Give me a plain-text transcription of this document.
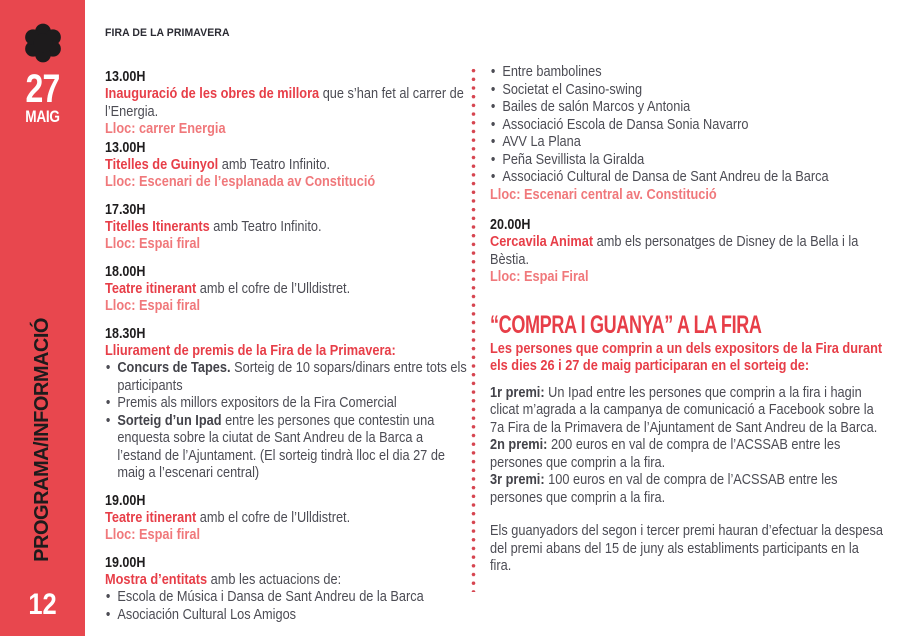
27
MAIG
PROGRAMA/INFORMACIÓ
12
FIRA DE LA PRIMAVERA
13.00H

Inauguració de les obres de millora que s’han fet al carrer de l’Energia.

Lloc: carrer Energia
13.00H

Titelles de Guinyol amb Teatro Infinito.

Lloc: Escenari de l’esplanada av Constitució
17.30H

Titelles Itinerants amb Teatro Infinito.

Lloc: Espai firal
18.00H

Teatre itinerant amb el cofre de l’Ulldistret.

Lloc: Espai firal
18.30H

Lliurament de premis de la Fira de la Primavera:

• Concurs de Tapes. Sorteig de 10 sopars/dinars entre tots els participants
• Premis als millors expositors de la Fira Comercial
• Sorteig d’un Ipad entre les persones que contestin una enquesta sobre la ciutat de Sant Andreu de la Barca a l’estand de l’Ajuntament. (El sorteig tindrà lloc el dia 27 de maig a l’escenari central)
19.00H

Teatre itinerant amb el cofre de l’Ulldistret.

Lloc: Espai firal
19.00H

Mostra d’entitats amb les actuacions de:

• Escola de Música i Dansa de Sant Andreu de la Barca
• Asociación Cultural Los Amigos
• Entre bambolines
• Societat el Casino-swing
• Bailes de salón Marcos y Antonia
• Associació Escola de Dansa Sonia Navarro
• AVV La Plana
• Peña Sevillista la Giralda
• Associació Cultural de Dansa de Sant Andreu de la Barca
Lloc: Escenari central av. Constitució
20.00H

Cercavila Animat amb els personatges de Disney de la Bella i la Bèstia.

Lloc: Espai Firal
“COMPRA I GUANYA” A LA FIRA

Les persones que comprin a un dels expositors de la Fira durant els dies 26 i 27 de maig participaran en el sorteig de:

1r premi: Un Ipad entre les persones que comprin a la fira i hagin clicat m’agrada a la campanya de comunicació a Facebook sobre la 7a Fira de la Primavera de l’Ajuntament de Sant Andreu de la Barca.

2n premi: 200 euros en val de compra de l’ACSSAB entre les persones que comprin a la fira.

3r premi: 100 euros en val de compra de l’ACSSAB entre les persones que comprin a la fira.

Els guanyadors del segon i tercer premi hauran d’efectuar la despesa del premi abans del 15 de juny als establiments participants en la fira.
